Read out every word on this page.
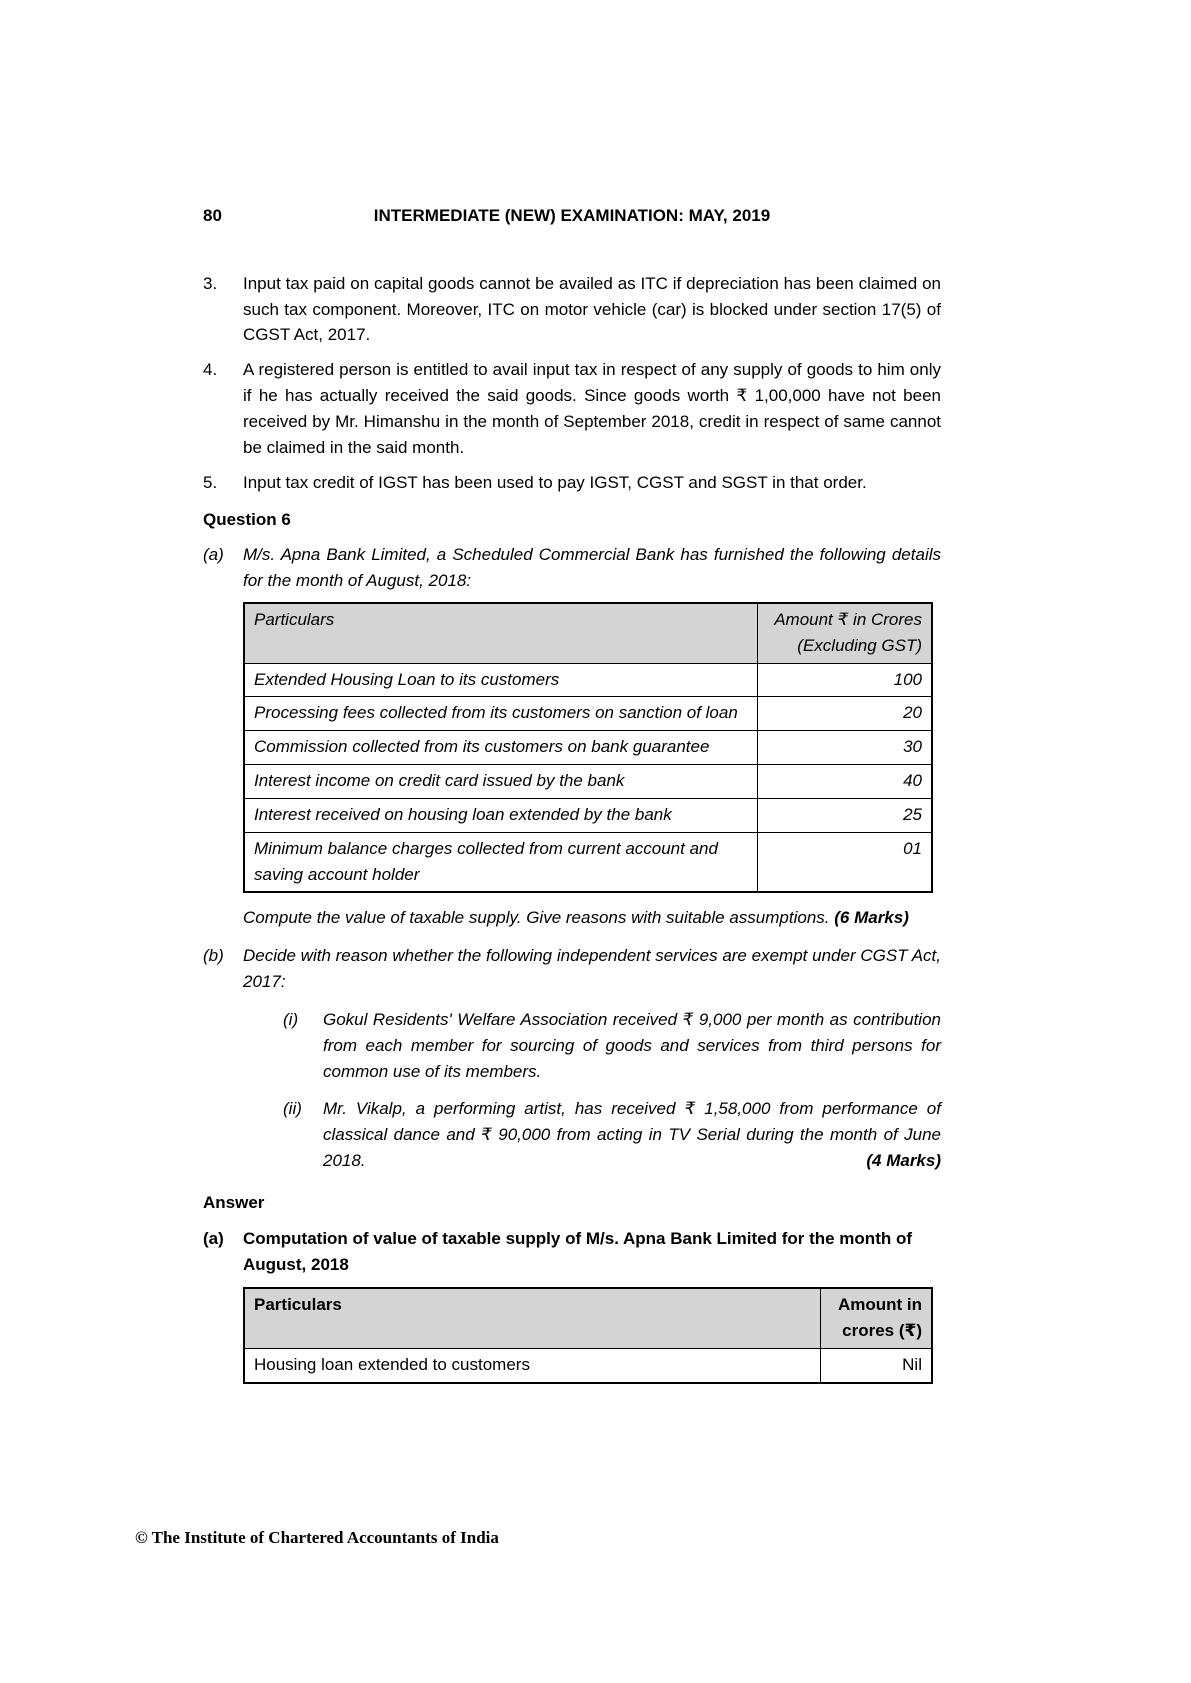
80	INTERMEDIATE (NEW) EXAMINATION: MAY, 2019
3.	Input tax paid on capital goods cannot be availed as ITC if depreciation has been claimed on such tax component. Moreover, ITC on motor vehicle (car) is blocked under section 17(5) of CGST Act, 2017.
4.	A registered person is entitled to avail input tax in respect of any supply of goods to him only if he has actually received the said goods. Since goods worth ₹ 1,00,000 have not been received by Mr. Himanshu in the month of September 2018, credit in respect of same cannot be claimed in the said month.
5.	Input tax credit of IGST has been used to pay IGST, CGST and SGST in that order.
Question 6
(a)	M/s. Apna Bank Limited, a Scheduled Commercial Bank has furnished the following details for the month of August, 2018:
Particulars	Amount ₹ in Crores
(Excluding GST)

Extended Housing Loan to its customers	100
Processing fees collected from its customers on sanction of loan	20
Commission collected from its customers on bank guarantee	30
Interest income on credit card issued by the bank	40
Interest received on housing loan extended by the bank	25
Minimum balance charges collected from current account and saving account holder	01
Compute the value of taxable supply. Give reasons with suitable assumptions. (6 Marks)
(b)	Decide with reason whether the following independent services are exempt under CGST Act, 2017:
(i)	Gokul Residents' Welfare Association received ₹ 9,000 per month as contribution from each member for sourcing of goods and services from third persons for common use of its members.
(ii)	Mr. Vikalp, a performing artist, has received ₹ 1,58,000 from performance of classical dance and ₹ 90,000 from acting in TV Serial during the month of June 2018.	(4 Marks)
Answer
(a)	Computation of value of taxable supply of M/s. Apna Bank Limited for the month of August, 2018
Particulars	Amount in
crores (₹)

Housing loan extended to customers	Nil
© The Institute of Chartered Accountants of India
